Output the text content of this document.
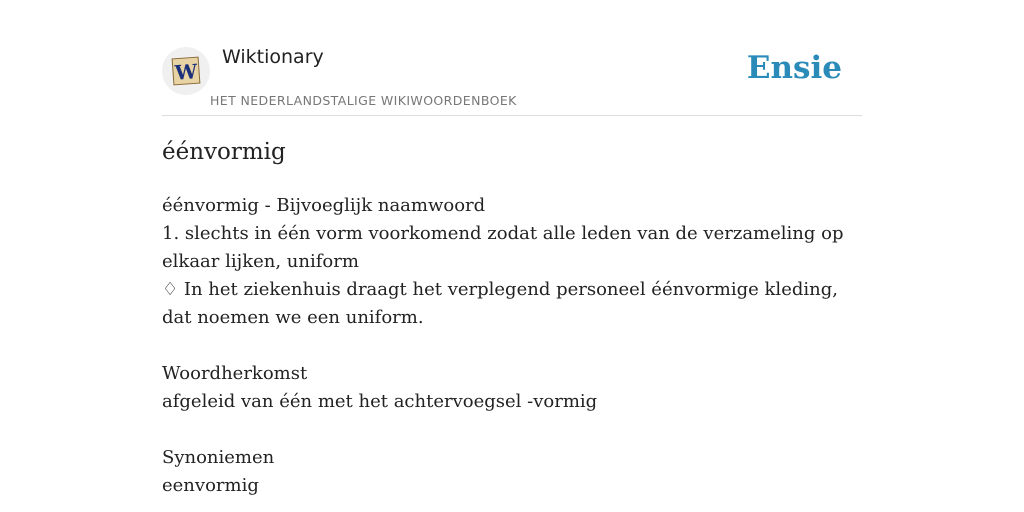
W
Wiktionary
HET NEDERLANDSTALIGE WIKIWOORDENBOEK
Ensie
éénvormig
éénvormig - Bijvoeglijk naamwoord
1. slechts in één vorm voorkomend zodat alle leden van de verzameling op elkaar lijken, uniform
♢ In het ziekenhuis draagt het verplegend personeel éénvormige kleding, dat noemen we een uniform.
Woordherkomst
afgeleid van één met het achtervoegsel -vormig
Synoniemen
eenvormig
